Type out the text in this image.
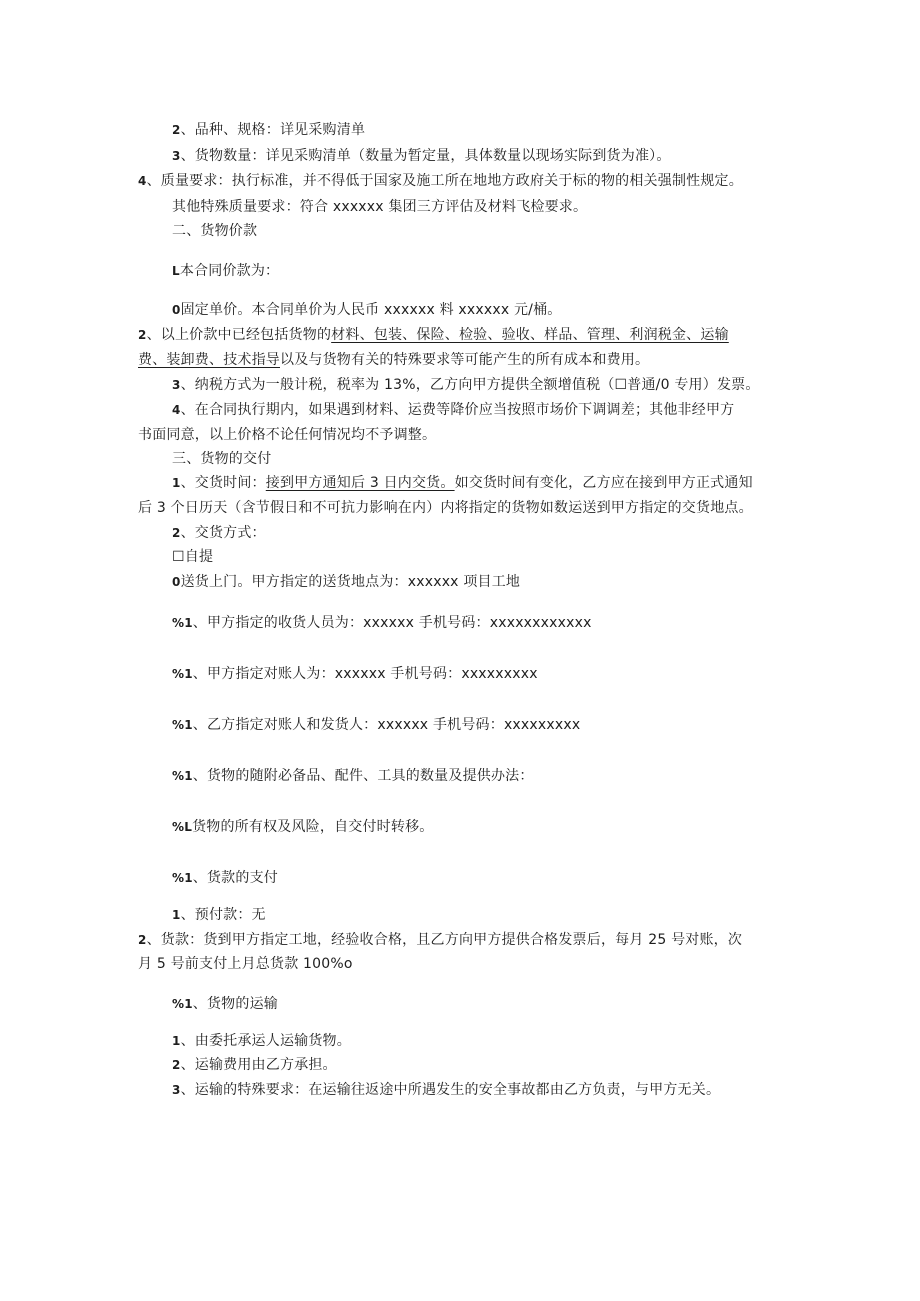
2、品种、规格：详见采购清单
3、货物数量：详见采购清单（数量为暂定量，具体数量以现场实际到货为准）。
4、质量要求：执行标准，并不得低于国家及施工所在地地方政府关于标的物的相关强制性规定。
其他特殊质量要求：符合 xxxxxx 集团三方评估及材料飞检要求。
二、货物价款
L本合同价款为：
0固定单价。本合同单价为人民币 xxxxxx 料 xxxxxx 元/桶。
2、以上价款中已经包括货物的材料、包装、保险、检验、验收、样品、管理、利润税金、运输
费、装卸费、技术指导以及与货物有关的特殊要求等可能产生的所有成本和费用。
3、纳税方式为一般计税，税率为 13%，乙方向甲方提供全额增值税（☐普通/0 专用）发票。
4、在合同执行期内，如果遇到材料、运费等降价应当按照市场价下调调差；其他非经甲方
书面同意，以上价格不论任何情况均不予调整。
三、货物的交付
1、交货时间：接到甲方通知后 3 日内交货。如交货时间有变化，乙方应在接到甲方正式通知
后 3 个日历天（含节假日和不可抗力影响在内）内将指定的货物如数运送到甲方指定的交货地点。
2、交货方式：
☐自提
0送货上门。甲方指定的送货地点为：xxxxxx 项目工地
%1、甲方指定的收货人员为：xxxxxx 手机号码：xxxxxxxxxxxx
%1、甲方指定对账人为：xxxxxx 手机号码：xxxxxxxxx
%1、乙方指定对账人和发货人：xxxxxx 手机号码：xxxxxxxxx
%1、货物的随附必备品、配件、工具的数量及提供办法：
%L货物的所有权及风险，自交付时转移。
%1、货款的支付
1、预付款：无
2、货款：货到甲方指定工地，经验收合格，且乙方向甲方提供合格发票后，每月 25 号对账，次
月 5 号前支付上月总货款 100%o
%1、货物的运输
1、由委托承运人运输货物。
2、运输费用由乙方承担。
3、运输的特殊要求：在运输往返途中所遇发生的安全事故都由乙方负责，与甲方无关。
